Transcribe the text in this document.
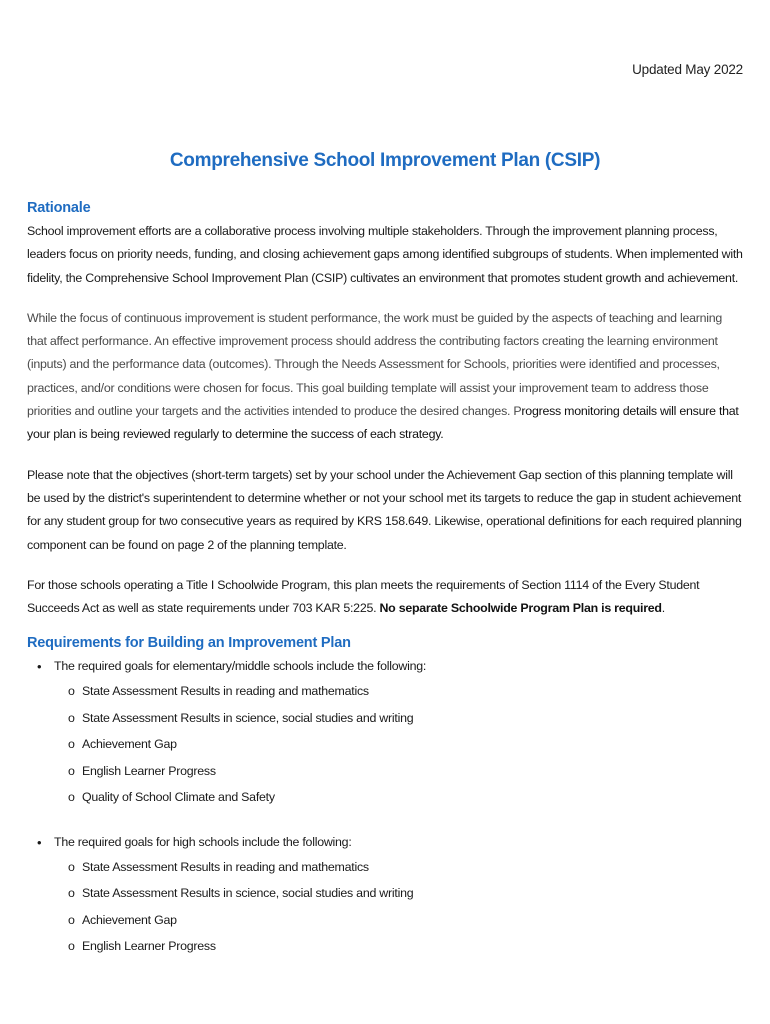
Updated May 2022
Comprehensive School Improvement Plan (CSIP)
Rationale

School improvement efforts are a collaborative process involving multiple stakeholders. Through the improvement planning process, leaders focus on priority needs, funding, and closing achievement gaps among identified subgroups of students. When implemented with fidelity, the Comprehensive School Improvement Plan (CSIP) cultivates an environment that promotes student growth and achievement.

While the focus of continuous improvement is student performance, the work must be guided by the aspects of teaching and learning that affect performance. An effective improvement process should address the contributing factors creating the learning environment (inputs) and the performance data (outcomes). Through the Needs Assessment for Schools, priorities were identified and processes, practices, and/or conditions were chosen for focus. This goal building template will assist your improvement team to address those priorities and outline your targets and the activities intended to produce the desired changes. Progress monitoring details will ensure that your plan is being reviewed regularly to determine the success of each strategy.

Please note that the objectives (short-term targets) set by your school under the Achievement Gap section of this planning template will be used by the district's superintendent to determine whether or not your school met its targets to reduce the gap in student achievement for any student group for two consecutive years as required by KRS 158.649. Likewise, operational definitions for each required planning component can be found on page 2 of the planning template.

For those schools operating a Title I Schoolwide Program, this plan meets the requirements of Section 1114 of the Every Student Succeeds Act as well as state requirements under 703 KAR 5:225. No separate Schoolwide Program Plan is required.

Requirements for Building an Improvement Plan
• The required goals for elementary/middle schools include the following:
o State Assessment Results in reading and mathematics
o State Assessment Results in science, social studies and writing
o Achievement Gap
o English Learner Progress
o Quality of School Climate and Safety
• The required goals for high schools include the following:
o State Assessment Results in reading and mathematics
o State Assessment Results in science, social studies and writing
o Achievement Gap
o English Learner Progress
